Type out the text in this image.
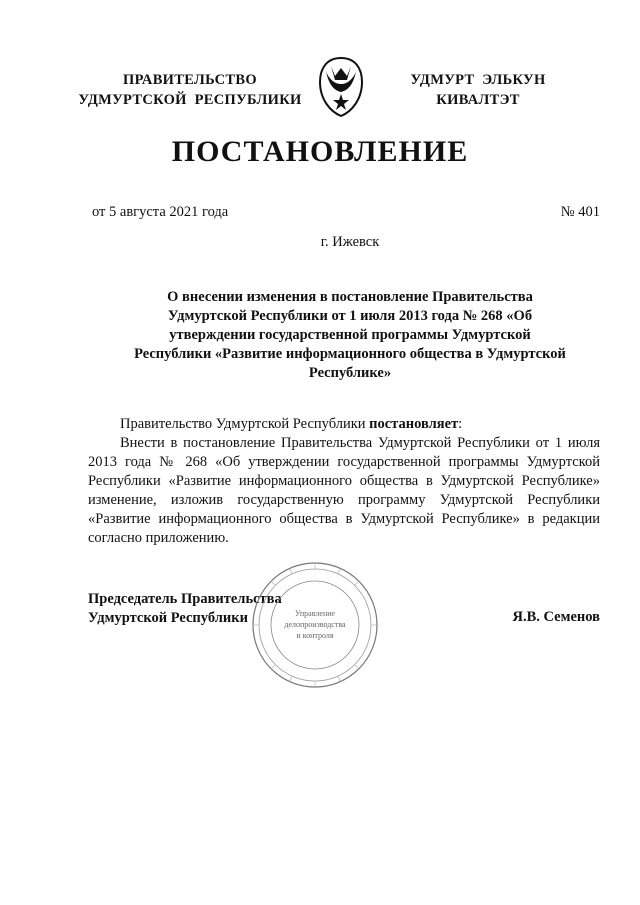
ПРАВИТЕЛЬСТВО
УДМУРТСКОЙ  РЕСПУБЛИКИ
УДМУРТ  ЭЛЬКУН
КИВАЛТЭТ
ПОСТАНОВЛЕНИЕ
от 5 августа 2021 года	№ 401
г. Ижевск
О внесении изменения в постановление Правительства Удмуртской Республики от 1 июля 2013 года № 268 «Об утверждении государственной программы Удмуртской Республики «Развитие информационного общества в Удмуртской Республике»
Правительство Удмуртской Республики постановляет:
Внести в постановление Правительства Удмуртской Республики от 1 июля 2013 года № 268 «Об утверждении государственной программы Удмуртской Республики «Развитие информационного общества в Удмуртской Республике» изменение, изложив государственную программу Удмуртской Республики «Развитие информационного общества в Удмуртской Республике» в редакции согласно приложению.
Председатель Правительства
Удмуртской Республики	Я.В. Семенов
Управление
делопроизводства
и контроля
